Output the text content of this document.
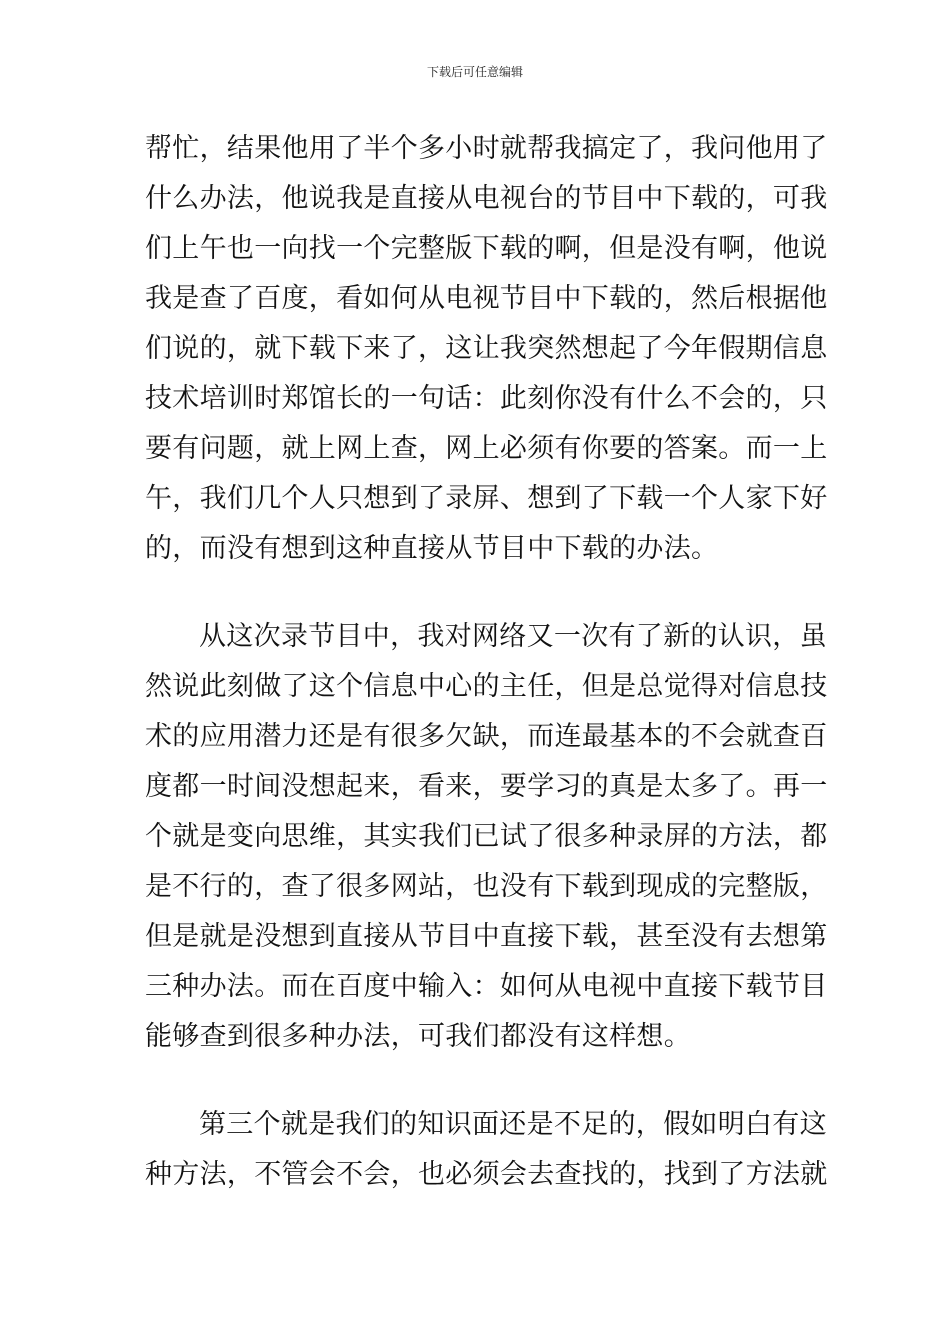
下载后可任意编辑
帮忙，结果他用了半个多小时就帮我搞定了，我问他用了
什么办法，他说我是直接从电视台的节目中下载的，可我
们上午也一向找一个完整版下载的啊，但是没有啊，他说
我是查了百度，看如何从电视节目中下载的，然后根据他
们说的，就下载下来了，这让我突然想起了今年假期信息
技术培训时郑馆长的一句话：此刻你没有什么不会的，只
要有问题，就上网上查，网上必须有你要的答案。而一上
午，我们几个人只想到了录屏、想到了下载一个人家下好
的，而没有想到这种直接从节目中下载的办法。
从这次录节目中，我对网络又一次有了新的认识，虽
然说此刻做了这个信息中心的主任，但是总觉得对信息技
术的应用潜力还是有很多欠缺，而连最基本的不会就查百
度都一时间没想起来，看来，要学习的真是太多了。再一
个就是变向思维，其实我们已试了很多种录屏的方法，都
是不行的，查了很多网站，也没有下载到现成的完整版，
但是就是没想到直接从节目中直接下载，甚至没有去想第
三种办法。而在百度中输入：如何从电视中直接下载节目
能够查到很多种办法，可我们都没有这样想。
第三个就是我们的知识面还是不足的，假如明白有这
种方法，不管会不会，也必须会去查找的，找到了方法就
